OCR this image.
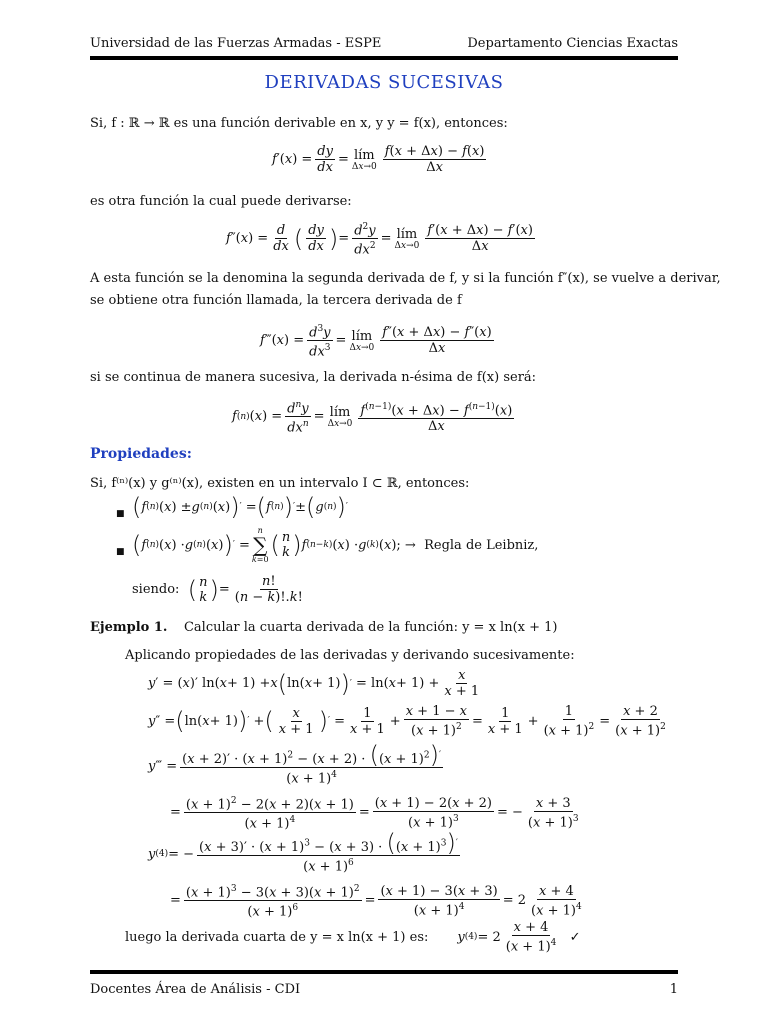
Universidad de las Fuerzas Armadas - ESPE	Departamento Ciencias Exactas
DERIVADAS SUCESIVAS
Si, f : ℝ → ℝ es una función derivable en x, y y = f(x), entonces:
f ′( x ) = $\frac{dy}{dx}$ = lím
$\Delta x\to 0 \frac{f(x + \Delta x) - f(x)}{\Delta x}$
es otra función la cual puede derivarse:
f ″( x ) = $\frac{d}{dx}$ ( $\frac{dy}{dx}$ ) = $\frac{d^2y}{dx^2}$ = lím
$\Delta x\to 0 \frac{f'(x + \Delta x) - f'(x)}{\Delta x}$
A esta función se la denomina la segunda derivada de f, y si la función f″(x), se vuelve a derivar,
se obtiene otra función llamada, la tercera derivada de f
f ‴( x ) = $\frac{d^3y}{dx^3}$ = lím
$\Delta x\to 0 \frac{f''(x + \Delta x) - f''(x)}{\Delta x}$
si se continua de manera sucesiva, la derivada n-ésima de f(x) será:
f (n) ( x ) = $\frac{d^ny}{dx^n}$ = lím
$\Delta x\to 0 \frac{f^{(n-1)}(x + \Delta x) - f^{(n-1)}(x)}{\Delta x}$
Propiedades:
Si, f⁽ⁿ⁾(x) y g⁽ⁿ⁾(x), existen en un intervalo I ⊂ ℝ, entonces:
■ ( f (n) ( x ) ± g (n) ( x ) ) ′ = ( f (n) ) ′ ± ( g (n) ) ′
■ ( f (n) ( x ) · g (n) ( x ) ) ′ =
n
∑
k=0
( n
k ) f (n−k) ( x ) · g (k) ( x ); → Regla de Leibniz,
siendo:
( n
k ) = $\frac{n!}{(n - k)!.k!}$
Ejemplo 1. Calcular la cuarta derivada de la función: y = x ln(x + 1)
Aplicando propiedades de las derivadas y derivando sucesivamente:
y ′ = ( x )′ ln( x + 1) + x ( ln( x + 1) ) ′ = ln( $x + 1) + \frac{x}{x + 1}$
y ″ = ( ln( x + 1) ) ′ + ( $\frac{x}{x + 1}$ ) ′ = $\frac{1}{x + 1} + \frac{x + 1 - x}{(x + 1)^2} = \frac{1}{x + 1} + \frac{1}{(x + 1)^2} = \frac{x + 2}{(x + 1)^2}$
y ‴ = $\frac{(x + 2)' \cdot (x + 1)^2 - (x + 2) \cdot ((x + 1)^2)'}{(x + 1)^4}$
= $\frac{(x + 1)^2 - 2(x + 2)(x + 1)}{(x + 1)^4} = \frac{(x + 1) - 2(x + 2)}{(x + 1)^3}$ = − $\frac{x + 3}{(x + 1)^3}$
y (4) = − $\frac{(x + 3)' \cdot (x + 1)^3 - (x + 3) \cdot ((x + 1)^3)'}{(x + 1)^6}$
= $\frac{(x + 1)^3 - 3(x + 3)(x + 1)^2}{(x + 1)^6} = \frac{(x + 1) - 3(x + 3)}{(x + 1)^4} = 2 \frac{x + 4}{(x + 1)^4}$
luego la derivada cuarta de y = x ln(x + 1) es:
y $(4) = 2 \frac{x + 4}{(x + 1)^4}$
✓
Docentes Área de Análisis - CDI	1
